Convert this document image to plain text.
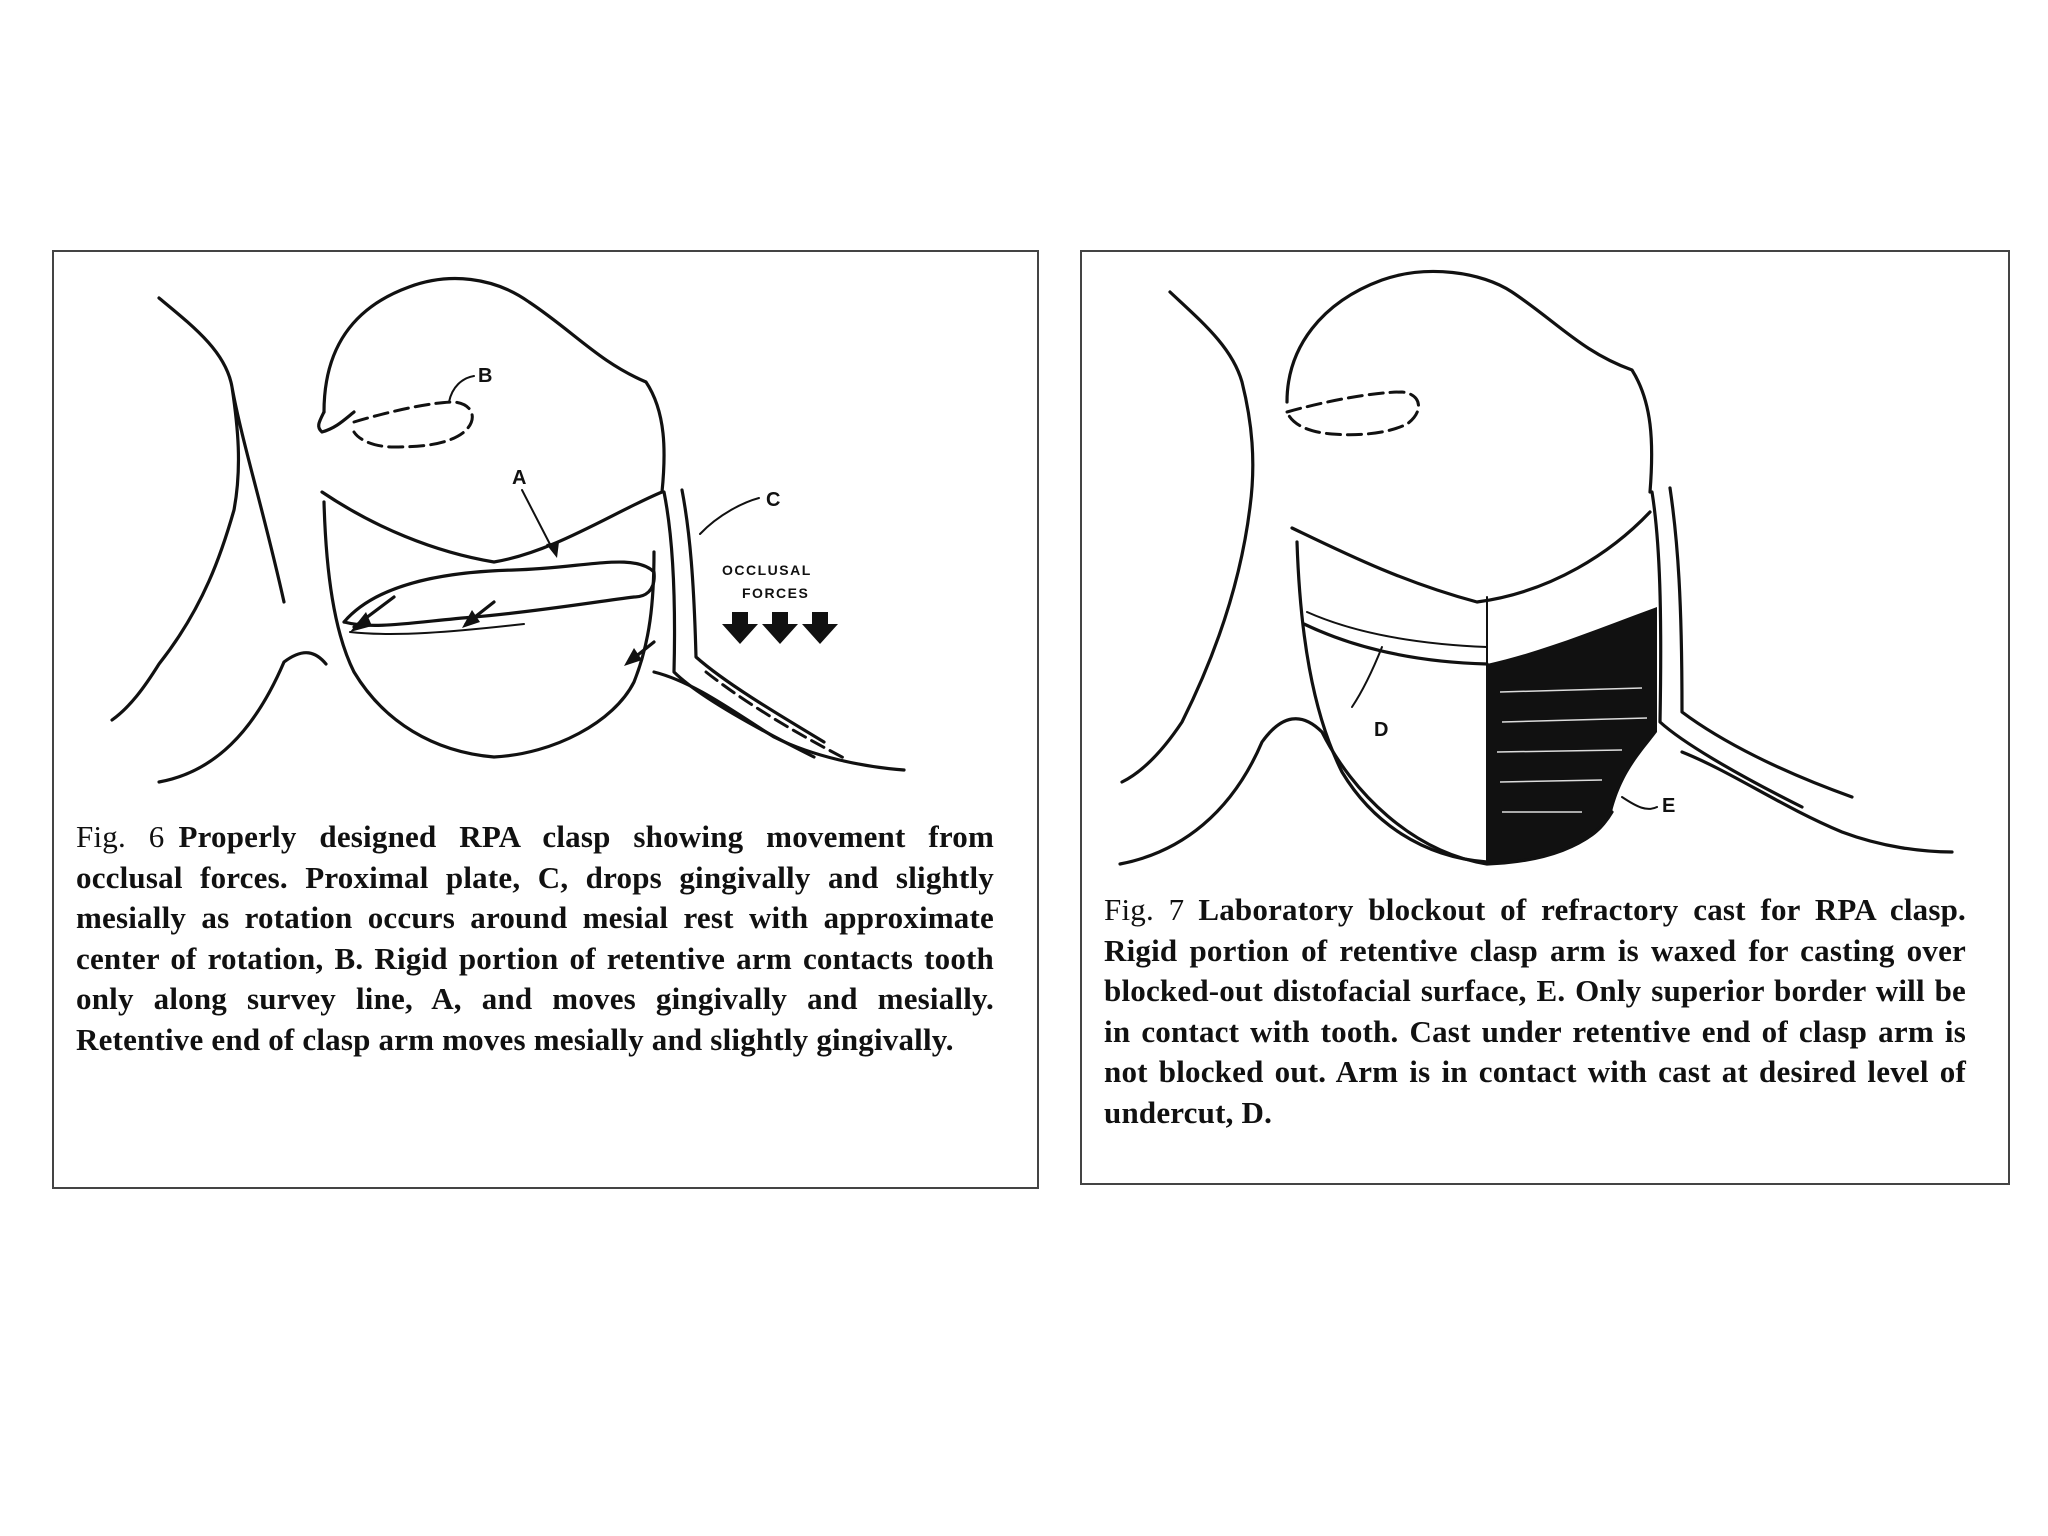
B
A
C
OCCLUSAL
FORCES
Fig. 6 Properly designed RPA clasp showing movement from occlusal forces. Proximal plate, C, drops gingivally and slightly mesially as rotation occurs around mesial rest with approximate center of rotation, B. Rigid portion of retentive arm contacts tooth only along survey line, A, and moves gingivally and mesially. Retentive end of clasp arm moves mesially and slightly gingivally.
D
E
Fig. 7 Laboratory blockout of refractory cast for RPA clasp. Rigid portion of retentive clasp arm is waxed for casting over blocked-out distofacial surface, E. Only superior border will be in contact with tooth. Cast under retentive end of clasp arm is not blocked out. Arm is in contact with cast at desired level of undercut, D.
